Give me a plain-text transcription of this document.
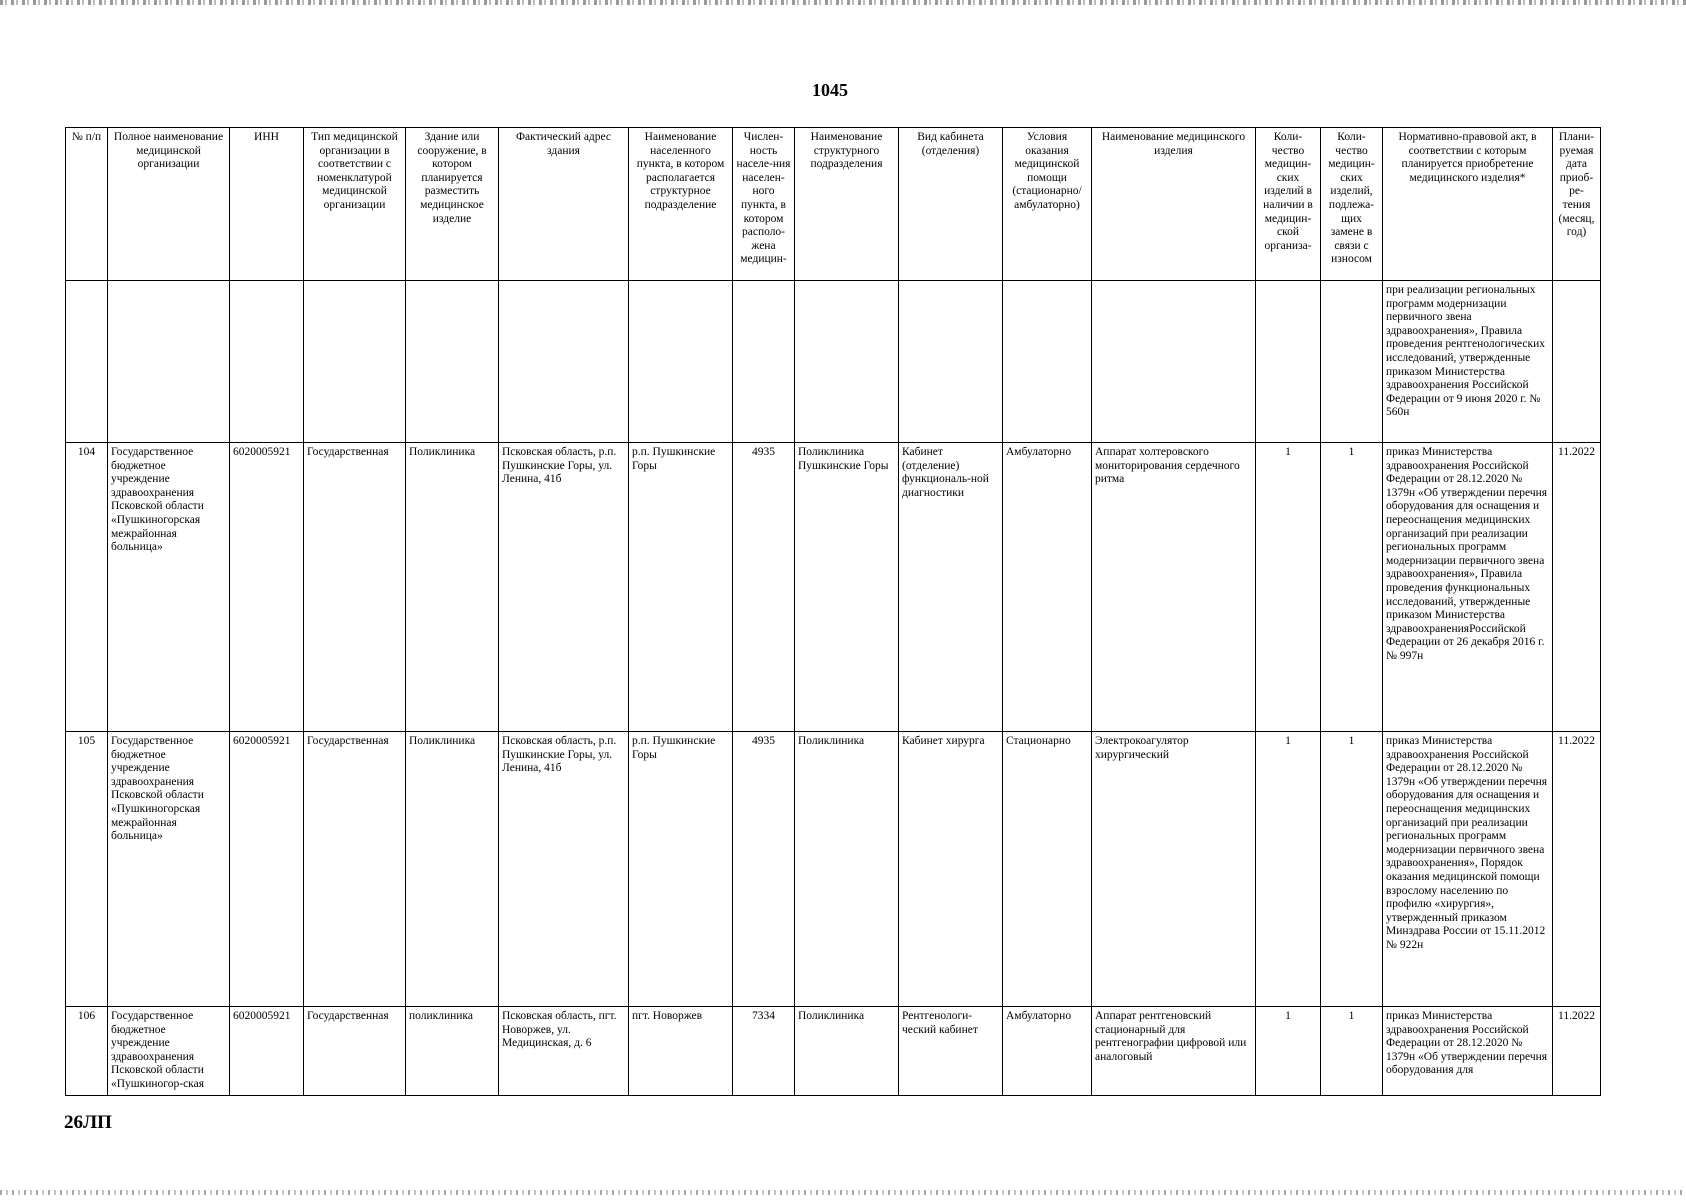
1045
№ п/п	Полное наименование медицинской организации	ИНН	Тип медицинской организации в соответствии с номенклатурой медицинской организации	Здание или сооружение, в котором планируется разместить медицинское изделие	Фактический адрес здания	Наименование населенного пункта, в котором располагается структурное подразделение	Числен-ность населе-ния населен-ного пункта, в котором располо-жена медицин-	Наименование структурного подразделения	Вид кабинета (отделения)	Условия оказания медицинской помощи (стационарно/ амбулаторно)	Наименование медицинского изделия	Коли-чество медицин-ских изделий в наличии в медицин-ской организа-	Коли-чество медицин-ских изделий, подлежа-щих замене в связи с износом	Нормативно-правовой акт, в соответствии с которым планируется приобретение медицинского изделия*	Плани-руемая дата приоб-ре-тения (месяц, год)
														при реализации региональных программ модернизации первичного звена здравоохранения», Правила проведения рентгенологических исследований, утвержденные приказом Министерства здравоохранения Российской Федерации от 9 июня 2020 г. № 560н	
104	Государственное бюджетное учреждение здравоохранения Псковской области «Пушкиногорская межрайонная больница»	6020005921	Государственная	Поликлиника	Псковская область, р.п. Пушкинские Горы, ул. Ленина, 41б	р.п. Пушкинские Горы	4935	Поликлиника Пушкинские Горы	Кабинет (отделение) функциональ-ной диагностики	Амбулаторно	Аппарат холтеровского мониторирования сердечного ритма	1	1	приказ Министерства здравоохранения Российской Федерации от 28.12.2020 № 1379н «Об утверждении перечня оборудования для оснащения и переоснащения медицинских организаций при реализации региональных программ модернизации первичного звена здравоохранения», Правила проведения функциональных исследований, утвержденные приказом Министерства здравоохраненияРоссийской Федерации от 26 декабря 2016 г. № 997н	11.2022
105	Государственное бюджетное учреждение здравоохранения Псковской области «Пушкиногорская межрайонная больница»	6020005921	Государственная	Поликлиника	Псковская область, р.п. Пушкинские Горы, ул. Ленина, 41б	р.п. Пушкинские Горы	4935	Поликлиника	Кабинет хирурга	Стационарно	Электрокоагулятор хирургический	1	1	приказ Министерства здравоохранения Российской Федерации от 28.12.2020 № 1379н «Об утверждении перечня оборудования для оснащения и переоснащения медицинских организаций при реализации региональных программ модернизации первичного звена здравоохранения», Порядок оказания медицинской помощи взрослому населению по профилю «хирургия», утвержденный приказом Минздрава России от 15.11.2012 № 922н	11.2022
106	Государственное бюджетное учреждение здравоохранения Псковской области «Пушкиногор-ская	6020005921	Государственная	поликлиника	Псковская область, пгт. Новоржев, ул. Медицинская, д. 6	пгт. Новоржев	7334	Поликлиника	Рентгенологи-ческий кабинет	Амбулаторно	Аппарат рентгеновский стационарный для рентгенографии цифровой или аналоговый	1	1	приказ Министерства здравоохранения Российской Федерации от 28.12.2020 № 1379н «Об утверждении перечня оборудования для	11.2022
26ЛП
